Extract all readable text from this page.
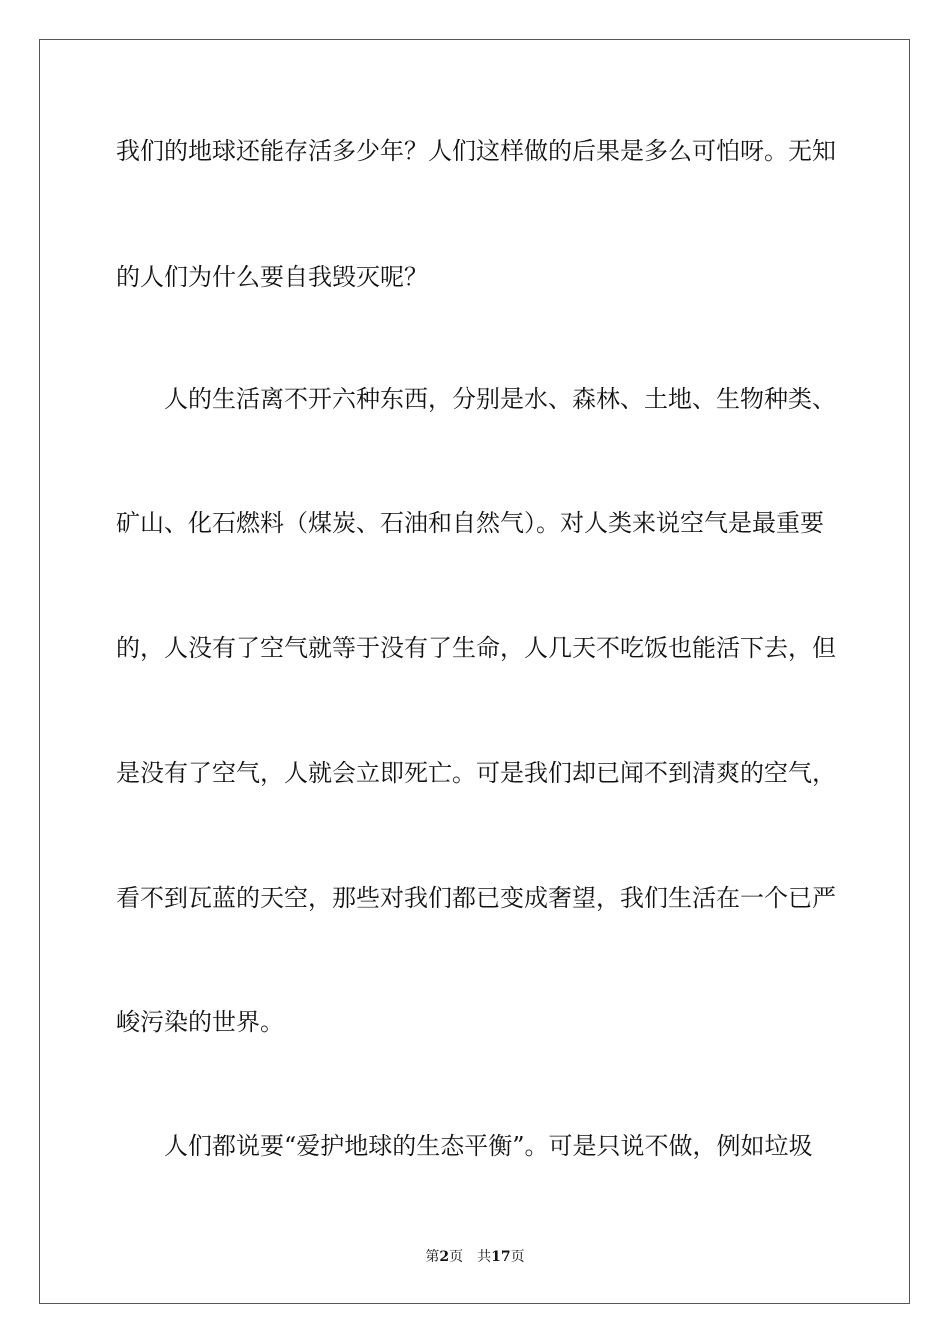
我们的地球还能存活多少年？人们这样做的后果是多么可怕呀。无知
的人们为什么要自我毁灭呢？
　　人的生活离不开六种东西，分别是水、森林、土地、生物种类、
矿山、化石燃料（煤炭、石油和自然气）。对人类来说空气是最重要
的，人没有了空气就等于没有了生命，人几天不吃饭也能活下去，但
是没有了空气，人就会立即死亡。可是我们却已闻不到清爽的空气，
看不到瓦蓝的天空，那些对我们都已变成奢望，我们生活在一个已严
峻污染的世界。
　　人们都说要“爱护地球的生态平衡”。可是只说不做，例如垃圾
第2页 共17页
